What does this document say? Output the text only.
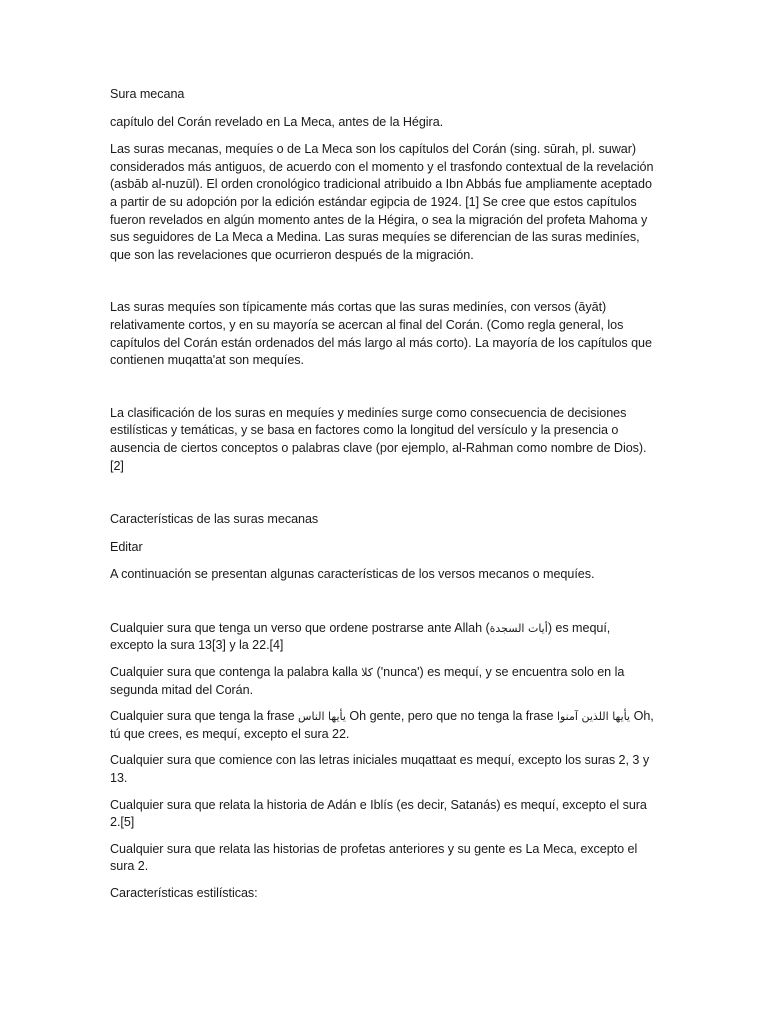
Sura mecana

capítulo del Corán revelado en La Meca, antes de la Hégira.

Las suras mecanas, mequíes o de La Meca son los capítulos del Corán (sing. sūrah, pl. suwar) considerados más antiguos, de acuerdo con el momento y el trasfondo contextual de la revelación (asbāb al-nuzūl). El orden cronológico tradicional atribuido a Ibn Abbás fue ampliamente aceptado a partir de su adopción por la edición estándar egipcia de 1924. [1] Se cree que estos capítulos fueron revelados en algún momento antes de la Hégira, o sea la migración del profeta Mahoma y sus seguidores de La Meca a Medina. Las suras mequíes se diferencian de las suras mediníes, que son las revelaciones que ocurrieron después de la migración.

Las suras mequíes son típicamente más cortas que las suras mediníes, con versos (āyāt) relativamente cortos, y en su mayoría se acercan al final del Corán. (Como regla general, los capítulos del Corán están ordenados del más largo al más corto). La mayoría de los capítulos que contienen muqatta'at son mequíes.

La clasificación de los suras en mequíes y mediníes surge como consecuencia de decisiones estilísticas y temáticas, y se basa en factores como la longitud del versículo y la presencia o ausencia de ciertos conceptos o palabras clave (por ejemplo, al-Rahman como nombre de Dios). [2]

Características de las suras mecanas

Editar

A continuación se presentan algunas características de los versos mecanos o mequíes.

Cualquier sura que tenga un verso que ordene postrarse ante Allah (أيات السجدة) es mequí, excepto la sura 13[3] y la 22.[4]

Cualquier sura que contenga la palabra kalla كلا ('nunca') es mequí, y se encuentra solo en la segunda mitad del Corán.

Cualquier sura que tenga la frase يأيها الناس Oh gente, pero que no tenga la frase يأيها اللذين آمنوا Oh, tú que crees, es mequí, excepto el sura 22.

Cualquier sura que comience con las letras iniciales muqattaat es mequí, excepto los suras 2, 3 y 13.

Cualquier sura que relata la historia de Adán e Iblís (es decir, Satanás) es mequí, excepto el sura 2.[5]

Cualquier sura que relata las historias de profetas anteriores y su gente es La Meca, excepto el sura 2.

Características estilísticas:
